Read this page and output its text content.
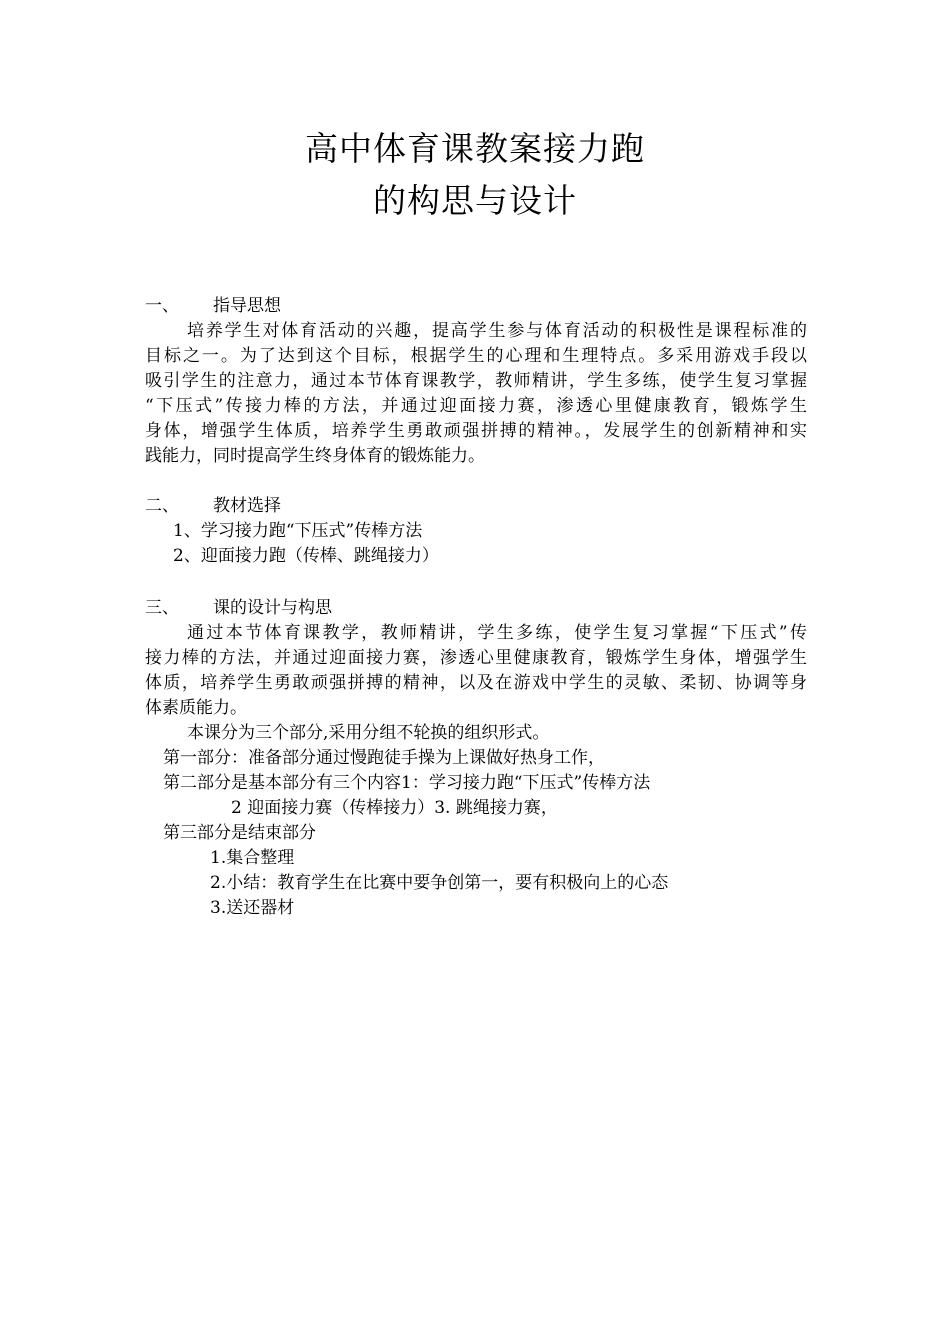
高中体育课教案接力跑
的构思与设计
一、 指导思想
培养学生对体育活动的兴趣，提高学生参与体育活动的积极性是课程标准的
目标之一。为了达到这个目标，根据学生的心理和生理特点。多采用游戏手段以
吸引学生的注意力，通过本节体育课教学，教师精讲，学生多练，使学生复习掌握
“下压式”传接力棒的方法，并通过迎面接力赛，渗透心里健康教育，锻炼学生
身体，增强学生体质，培养学生勇敢顽强拼搏的精神。，发展学生的创新精神和实
践能力，同时提高学生终身体育的锻炼能力。
二、 教材选择
1、学习接力跑“下压式”传棒方法
2、迎面接力跑（传棒、跳绳接力）
三、 课的设计与构思
通过本节体育课教学，教师精讲，学生多练，使学生复习掌握“下压式”传
接力棒的方法，并通过迎面接力赛，渗透心里健康教育，锻炼学生身体，增强学生
体质，培养学生勇敢顽强拼搏的精神，以及在游戏中学生的灵敏、柔韧、协调等身
体素质能力。
本课分为三个部分,采用分组不轮换的组织形式。
第一部分：准备部分通过慢跑徒手操为上课做好热身工作，
第二部分是基本部分有三个内容1：学习接力跑“下压式”传棒方法
2 迎面接力赛（传棒接力）3. 跳绳接力赛，
第三部分是结束部分
1.集合整理
2.小结：教育学生在比赛中要争创第一，要有积极向上的心态
3.送还器材
